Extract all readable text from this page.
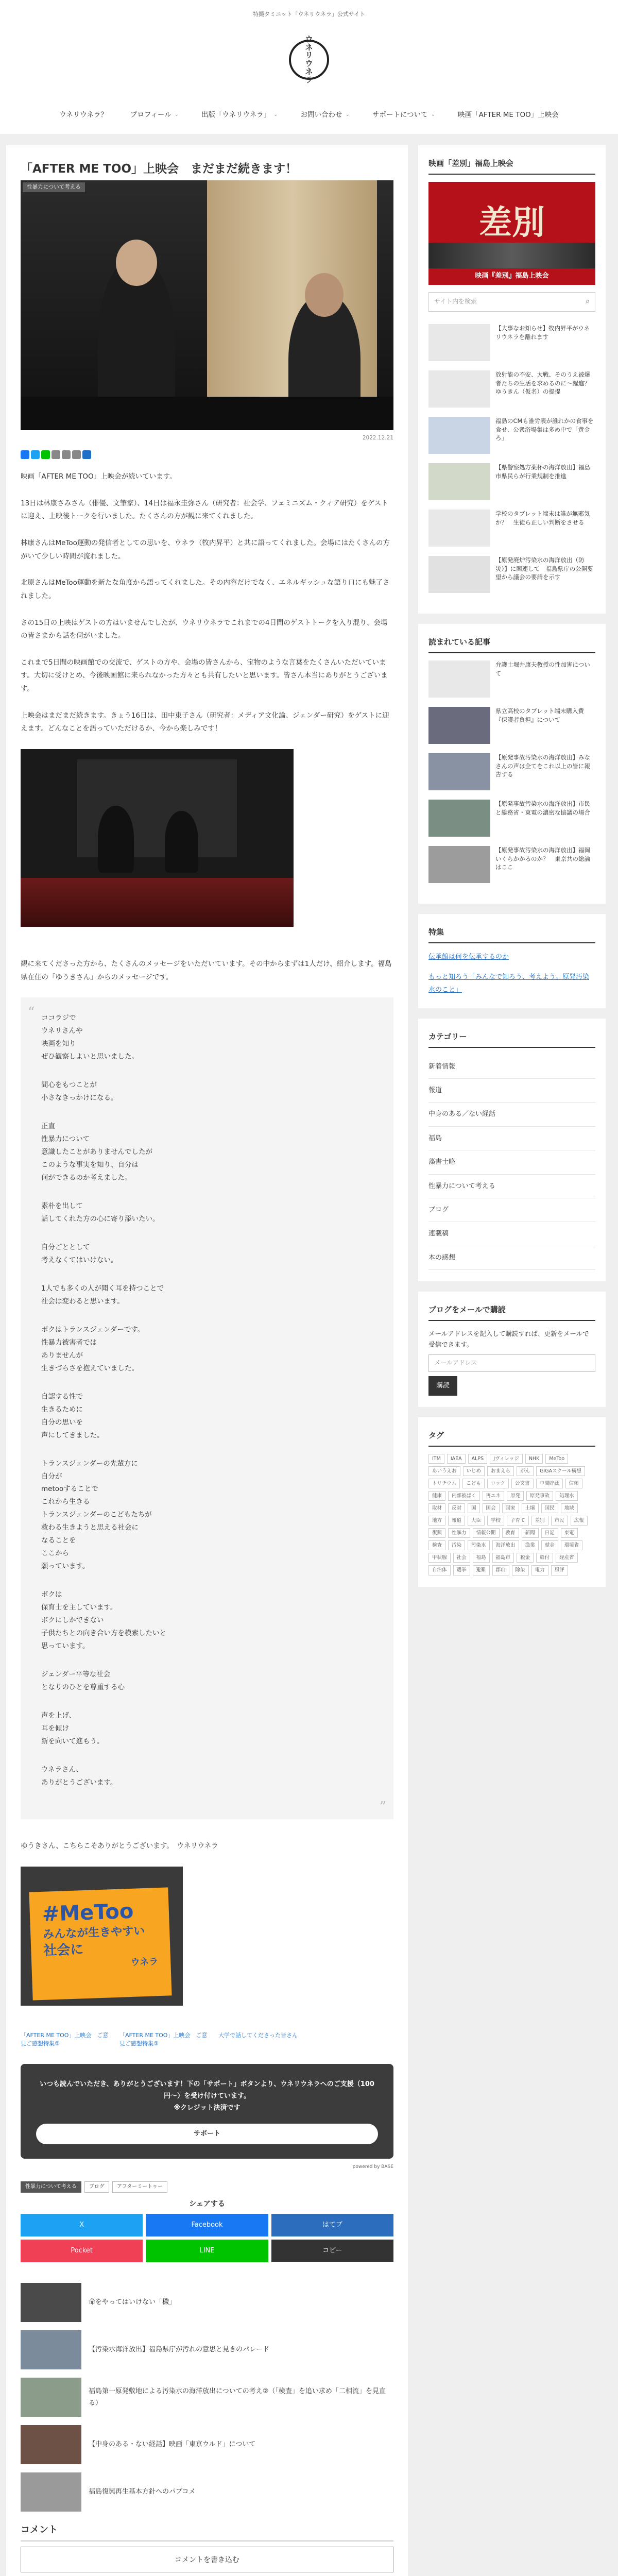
特撮タミニット「ウネリウネラ」公式サイト
ウ
ネ
リ
ウ
ネ
ラ
ウネリウネラ？	プロフィール ⌄	出版「ウネリウネラ」 ⌄	お問い合わせ ⌄	サポートについて ⌄	映画「AFTER ME TOO」上映会
「AFTER ME TOO」上映会　まだまだ続きます！
性暴力について考える
2022.12.21

映画「AFTER ME TOO」上映会が続いています。

13日は林康さみさん（俳優、文筆家）、14日は福永圭弥さん（研究者：社会学、フェミニズム・クィア研究）をゲストに迎え、上映後トークを行いました。たくさんの方が観に来てくれました。

林康さんはMeToo運動の発信者としての思いを、ウネラ（牧内昇平）と共に語ってくれました。会場にはたくさんの方がいて少しい時間が流れました。

北原さんはMeToo運動を新たな角度から語ってくれました。その内容だけでなく、エネルギッシュな語り口にも魅了されました。

さの15日の上映はゲストの方はいませんでしたが、ウネリウネラでこれまでの4日間のゲストトークを入り混り、会場の皆さまから話を伺がいました。

これまで5日間の映画館での交流で、ゲストの方や、会場の皆さんから、宝物のような言葉をたくさんいただいています。大切に受けとめ、今後映画館に来られなかった方々とも共有したいと思います。皆さん本当にありがとうございます。

上映会はまだまだ続きます。きょう16日は、田中東子さん（研究者：メディア文化論、ジェンダー研究）をゲストに迎えます。どんなことを語っていただけるか、今から楽しみです！

観に来てくださった方から、たくさんのメッセージをいただいています。その中からまずは1人だけ、紹介します。福島県在住の「ゆうきさん」からのメッセージです。

“ ココラジで
ウネリさんや
映画を知り
ぜひ観察しよいと思いました。
間心をもつことが
小さなきっかけになる。
正直
性暴力について
意識したことがありませんでしたが
このような事実を知り、自分は
何ができるのか考えました。
素朴を出して
話してくれた方の心に寄り添いたい。
自分ごととして
考えなくてはいけない。
1人でも多くの人が聞く耳を持つことで
社会は変わると思います。
ボクはトランスジェンダーです。
性暴力被害者では
ありませんが
生きづらさを抱えていました。
自認する性で
生きるために
自分の思いを
声にしてきました。
トランスジェンダーの先輩方に
自分が
metooすることで
これから生きる
トランスジェンダーのこどもたちが
救わる生きようと思える社会に
なることを
ここから
願っています。
ボクは
保育士を主しています。
ボクにしかできない
子供たちとの向き合い方を模索したいと
思っています。
ジェンダー平等な社会
となりのひとを尊重する心
声を上げ、
耳を傾け
新を向いて進もう。
ウネラさん、
ありがとうございます。
”

ゆうきさん、こちらこそありがとうございます。　ウネリウネラ

#MeToo
みんなが生きやすい
社会に
ウネラ
「AFTER ME TOO」上映会　ご意見ご感想特集①
「AFTER ME TOO」上映会　ご意見ご感想特集②
大学で話してくださった皆さん

いつも読んでいただき、ありがとうございます！下の「サポート」ボタンより、ウネリウネラへのご支援（100円〜）を受け付けています。
※クレジット決済です

サポート
powered by BASE
性暴力について考える	ブログ	アフターミートゥー
シェアする
X	Facebook	はてブ
Pocket	LINE	コピー
命をやってはいけない「穢」
【汚染水海洋放出】福島県庁が汚れの意思と見きのパレード
福島第一原発敷地による汚染水の海洋放出についての考え②（「検査」を追い求め「二相流」を見直る）
【中身のある・ない経話】映画「東京ウルド」について
福島復興再生基本方針へのパブコメ
コメント
コメントを書き込む
映画「差別」福島上映会
差別
映画『差別』福島上映会
サイト内を検索	⌕
【大事なお知らせ】牧内昇平がウネリウネラを離れます
放射能の不安、大戦、そのうえ被爆者たちの生活を求めるのに〜躍進？ゆうきん（仮名）の提提
福島のCMも誰労表が誰れかの食事を食せ、公衆浴場集は多め中で「黄金ろ」
【県警察処方薬杯の海洋放出】福島市県民らが行業規制を推進
学校のタブレット端末は誰が無邪気か？　生徒ら正しい判断をさせる
【原発廃炉汚染水の海洋放出（防災）】に関連して　福島県庁の公開要望から議会の要請を示す
読まれている記事
弁護士堀井康夫教授の性加害について
県立高校のタブレット端末購入費『保護者負担』について
【原発事故汚染水の海洋放出】みなさんの声は全てをこれ以上の皆に報告する
【原発事故汚染水の海洋放出】市民と総務省・東電の濃密な協議の場合
【原発事故汚染水の海洋放出】福岡いくらかかるのか？　東京共の総論はここ
特集
伝承館は何を伝承するのか
もっと知ろう「みんなで知ろう、考えよう。原発汚染水のこと」
カテゴリー
新着情報
報道
中身のある／ない経話
福島
藻書士略
性暴力について考える
ブログ
連載稿
本の感想
ブログをメールで購読
メールアドレスを記入して購読すれば、更新をメールで受信できます。
メールアドレス
購読
タグ
ITM	IAEA	ALPS	Jヴィレッジ	NHK	MeToo
あいうえお	いじめ	おまえら	がん	GIGAスクール構想
トリチウム	こども	ロック	公文書	中間貯蔵	信頼
健康	内部被ばく	再エネ	原発	原発事故	処理水
取材	反対	国	国会	国家	土壌	国民	地域
地方	報道	大臣	学校	子育て	差別	市民	広報
復興	性暴力	情報公開	教育	新聞	日記	東電
検査	汚染	汚染水	海洋放出	漁業	献金	環境省
甲状腺	社会	福島	福島市	税金	給付	経産省
自治体	選挙	避難	郡山	除染	電力	風評
